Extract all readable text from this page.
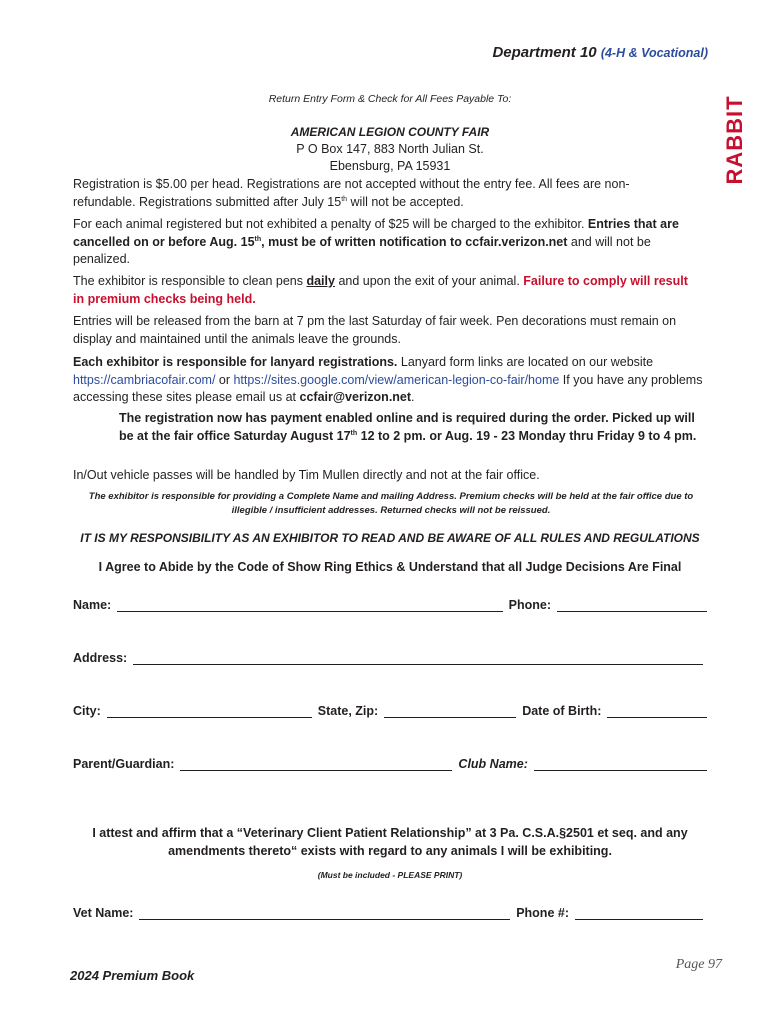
Department 10 (4-H & Vocational)
RABBIT
Return Entry Form & Check for All Fees Payable To:
AMERICAN LEGION COUNTY FAIR
P O Box 147, 883 North Julian St.
Ebensburg, PA 15931

Registration is $5.00 per head. Registrations are not accepted without the entry fee. All fees are non-refundable. Registrations submitted after July 15th will not be accepted.

For each animal registered but not exhibited a penalty of $25 will be charged to the exhibitor. Entries that are cancelled on or before Aug. 15th, must be of written notification to ccfair.verizon.net and will not be penalized.

The exhibitor is responsible to clean pens daily and upon the exit of your animal. Failure to comply will result in premium checks being held.

Entries will be released from the barn at 7 pm the last Saturday of fair week. Pen decorations must remain on display and maintained until the animals leave the grounds.

Each exhibitor is responsible for lanyard registrations. Lanyard form links are located on our website https://cambriacofair.com/ or https://sites.google.com/view/american-legion-co-fair/home If you have any problems accessing these sites please email us at ccfair@verizon.net.

The registration now has payment enabled online and is required during the order. Picked up will be at the fair office Saturday August 17th 12 to 2 pm. or Aug. 19 - 23 Monday thru Friday 9 to 4 pm.

In/Out vehicle passes will be handled by Tim Mullen directly and not at the fair office.

The exhibitor is responsible for providing a Complete Name and mailing Address. Premium checks will be held at the fair office due to illegible / insufficient addresses. Returned checks will not be reissued.

IT IS MY RESPONSIBILITY AS AN EXHIBITOR TO READ AND BE AWARE OF ALL RULES AND REGULATIONS
I Agree to Abide by the Code of Show Ring Ethics & Understand that all Judge Decisions Are Final
Name:	Phone:
Address:
City:	State, Zip:	Date of Birth:
Parent/Guardian:	Club Name:

I attest and affirm that a “Veterinary Client Patient Relationship” at 3 Pa. C.S.A.§2501 et seq. and any amendments thereto“ exists with regard to any animals I will be exhibiting.

(Must be included - PLEASE PRINT)
Vet Name:	Phone #:
2024 Premium Book
Page 97
